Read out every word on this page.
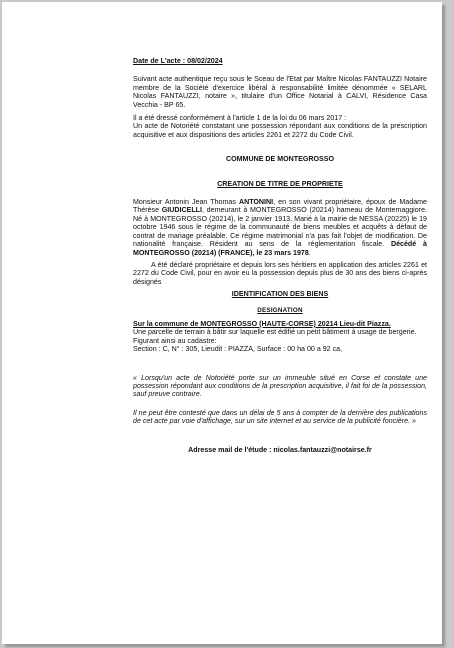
Date de L'acte : 08/02/2024

Suivant acte authentique reçu sous le Sceau de l'Etat par Maître Nicolas FANTAUZZI Notaire membre de la Société d'exercice libéral à responsabilité limitée dénommée « SELARL Nicolas FANTAUZZI, notaire », titulaire d'un Office Notarial à CALVI, Résidence Casa Vecchia - BP 65.

Il a été dressé conformément à l'article 1 de la loi du 06 mars 2017 :

Un acte de Notoriété constatant une possession répondant aux conditions de la prescription acquisitive et aux dispositions des articles 2261 et 2272 du Code Civil.

COMMUNE DE MONTEGROSSO

CREATION DE TITRE DE PROPRIETE

Monsieur Antonin Jean Thomas ANTONINI, en son vivant propriétaire, époux de Madame Thérèse GIUDICELLI, demeurant à MONTEGROSSO (20214) hameau de Montemaggiore. Né à MONTEGROSSO (20214), le 2 janvier 1913. Marié à la mairie de NESSA (20225) le 19 octobre 1946 sous le régime de la communauté de biens meubles et acquêts à défaut de contrat de mariage préalable. Ce régime matrimonial n'a pas fait l'objet de modification. De nationalité française. Résident au sens de la réglementation fiscale. Décédé à MONTEGROSSO (20214) (FRANCE), le 23 mars 1978.

A été déclaré propriétaire et depuis lors ses héritiers en application des articles 2261 et 2272 du Code Civil, pour en avoir eu la possession depuis plus de 30 ans des biens ci-après désignés

IDENTIFICATION DES BIENS

DESIGNATION

Sur la commune de MONTEGROSSO (HAUTE-CORSE) 20214 Lieu-dit Piazza.

Une parcelle de terrain à bâtir sur laquelle est édifié un petit bâtiment à usage de bergerie.

Figurant ainsi au cadastre:

Section : C, N° : 305, Lieudit : PIAZZA, Surface : 00 ha 00 a 92 ca,

« Lorsqu'un acte de Notoriété porte sur un immeuble situé en Corse et constate une possession répondant aux conditions de la prescription acquisitive, il fait foi de la possession, sauf preuve contraire.

Il ne peut être contesté que dans un délai de 5 ans à compter de la dernière des publications de cet acte par voie d'affichage, sur un site internet et au service de la publicité foncière. »

Adresse mail de l'étude : nicolas.fantauzzi@notairse.fr
